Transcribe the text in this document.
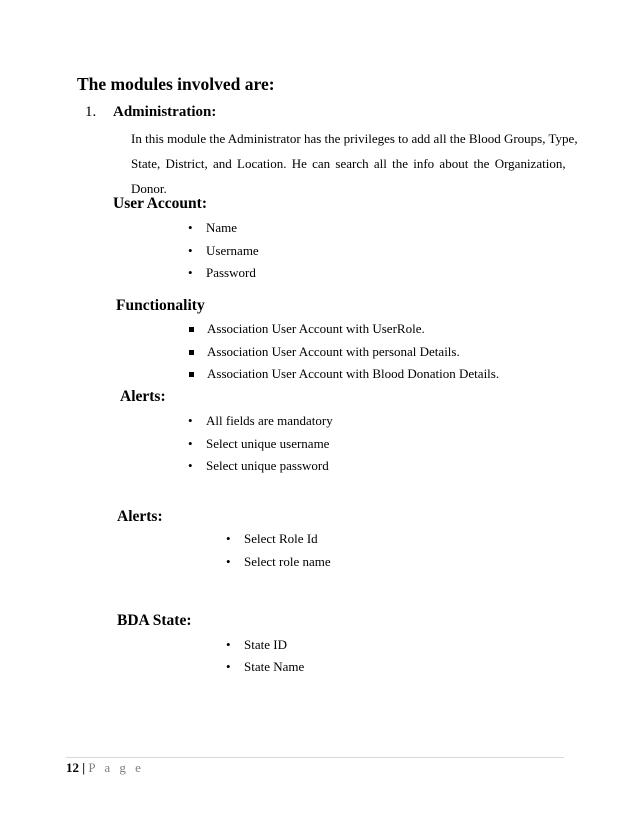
The modules involved are:
1. Administration:
In this module the Administrator has the privileges to add all the Blood Groups, Type,
State, District, and Location. He can search all the info about the Organization,
Donor.
User Account:
• Name
• Username
• Password
Functionality
Association User Account with UserRole.
Association User Account with personal Details.
Association User Account with Blood Donation Details.
Alerts:
• All fields are mandatory
• Select unique username
• Select unique password
Alerts:
• Select Role Id
• Select role name
BDA State:
• State ID
• State Name
12 | P a g e
